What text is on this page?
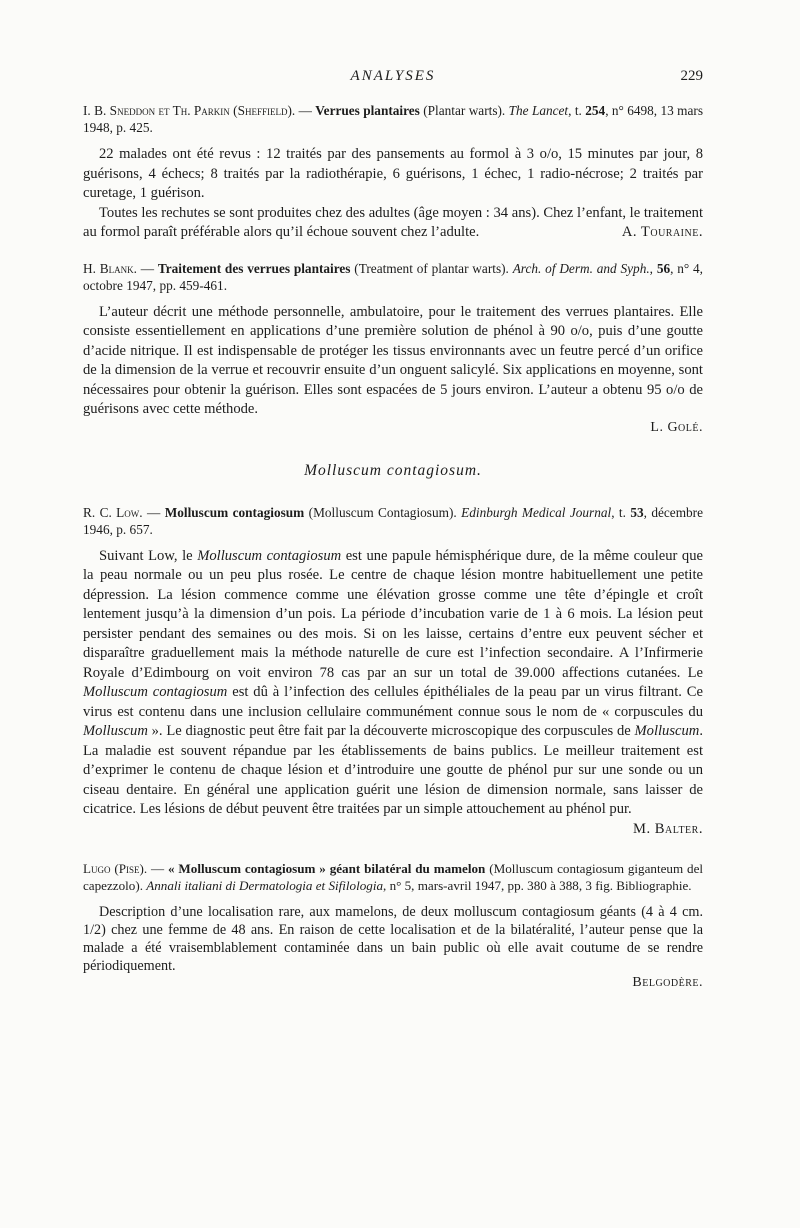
ANALYSES	229

I. B. Sneddon et Th. Parkin (Sheffield). — Verrues plantaires (Plantar warts). The Lancet, t. 254, n° 6498, 13 mars 1948, p. 425.

22 malades ont été revus : 12 traités par des pansements au formol à 3 o/o, 15 minutes par jour, 8 guérisons, 4 échecs; 8 traités par la radiothérapie, 6 guérisons, 1 échec, 1 radio-nécrose; 2 traités par curetage, 1 guérison.

Toutes les rechutes se sont produites chez des adultes (âge moyen : 34 ans). Chez l’enfant, le traitement au formol paraît préférable alors qu’il échoue souvent chez l’adulte.	A. Touraine.

H. Blank. — Traitement des verrues plantaires (Treatment of plantar warts). Arch. of Derm. and Syph., 56, n° 4, octobre 1947, pp. 459-461.

L’auteur décrit une méthode personnelle, ambulatoire, pour le traitement des verrues plantaires. Elle consiste essentiellement en applications d’une première solution de phénol à 90 o/o, puis d’une goutte d’acide nitrique. Il est indispensable de protéger les tissus environnants avec un feutre percé d’un orifice de la dimension de la verrue et recouvrir ensuite d’un onguent salicylé. Six applications en moyenne, sont nécessaires pour obtenir la guérison. Elles sont espacées de 5 jours environ. L’auteur a obtenu 95 o/o de guérisons avec cette méthode.

L. Golé.

Molluscum contagiosum.

R. C. Low. — Molluscum contagiosum (Molluscum Contagiosum). Edinburgh Medical Journal, t. 53, décembre 1946, p. 657.

Suivant Low, le Molluscum contagiosum est une papule hémisphérique dure, de la même couleur que la peau normale ou un peu plus rosée. Le centre de chaque lésion montre habituellement une petite dépression. La lésion commence comme une élévation grosse comme une tête d’épingle et croît lentement jusqu’à la dimension d’un pois. La période d’incubation varie de 1 à 6 mois. La lésion peut persister pendant des semaines ou des mois. Si on les laisse, certains d’entre eux peuvent sécher et disparaître graduellement mais la méthode naturelle de cure est l’infection secondaire. A l’Infirmerie Royale d’Edimbourg on voit environ 78 cas par an sur un total de 39.000 affections cutanées. Le Molluscum contagiosum est dû à l’infection des cellules épithéliales de la peau par un virus filtrant. Ce virus est contenu dans une inclusion cellulaire communément connue sous le nom de « corpuscules du Molluscum ». Le diagnostic peut être fait par la découverte microscopique des corpuscules de Molluscum. La maladie est souvent répandue par les établissements de bains publics. Le meilleur traitement est d’exprimer le contenu de chaque lésion et d’introduire une goutte de phénol pur sur une sonde ou un ciseau dentaire. En général une application guérit une lésion de dimension normale, sans laisser de cicatrice. Les lésions de début peuvent être traitées par un simple attouchement au phénol pur.
M. Balter.

Lugo (Pise). — « Molluscum contagiosum » géant bilatéral du mamelon (Molluscum contagiosum giganteum del capezzolo). Annali italiani di Dermatologia et Sifilologia, n° 5, mars-avril 1947, pp. 380 à 388, 3 fig. Bibliographie.

Description d’une localisation rare, aux mamelons, de deux molluscum contagiosum géants (4 à 4 cm. 1/2) chez une femme de 48 ans. En raison de cette localisation et de la bilatéralité, l’auteur pense que la malade a été vraisemblablement contaminée dans un bain public où elle avait coutume de se rendre périodiquement.

Belgodère.
